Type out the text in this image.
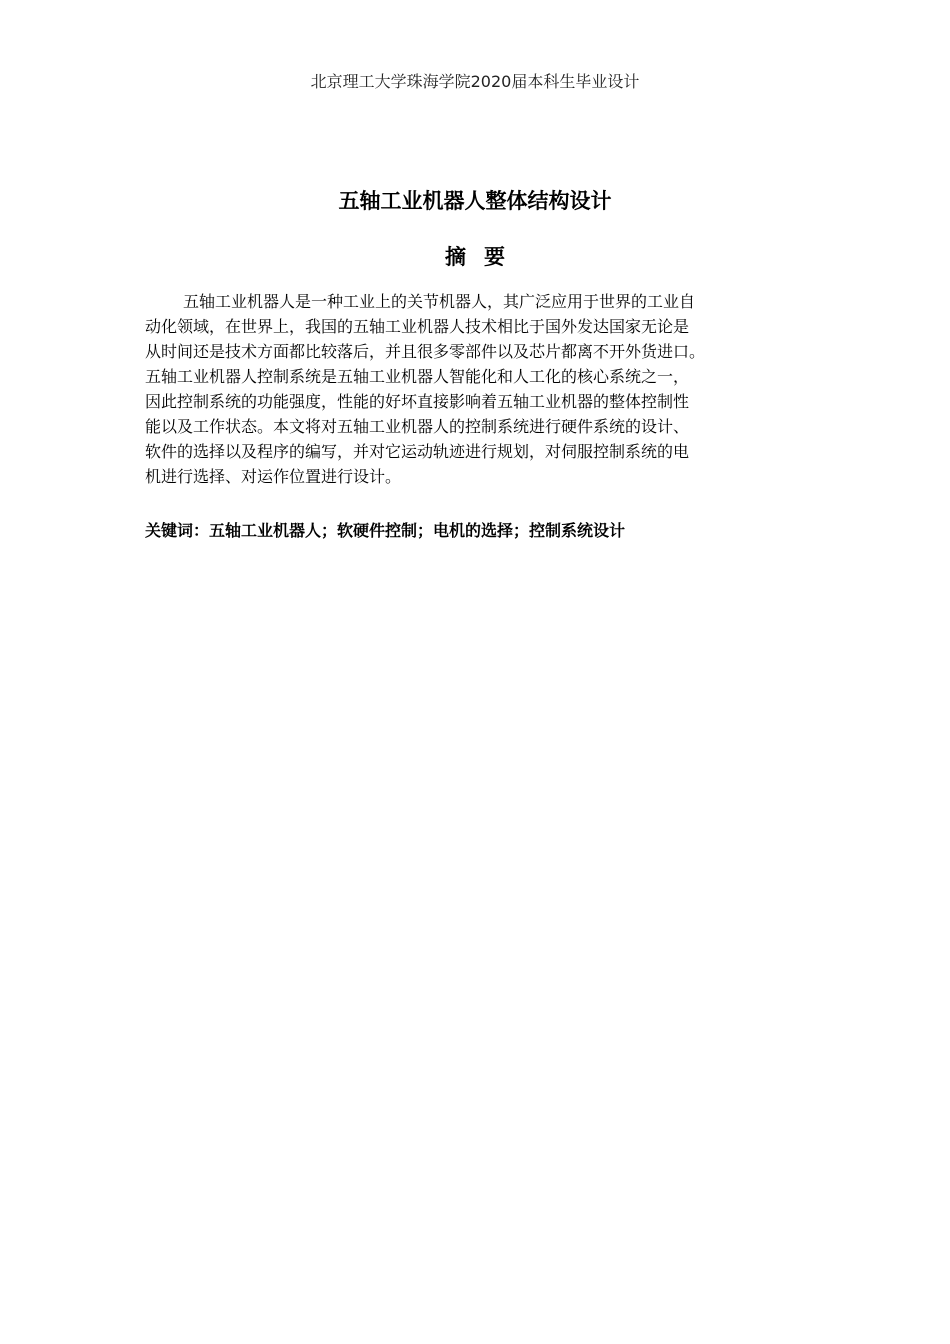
北京理工大学珠海学院2020届本科生毕业设计
五轴工业机器人整体结构设计
摘要
五轴工业机器人是一种工业上的关节机器人，其广泛应用于世界的工业自
动化领域，在世界上，我国的五轴工业机器人技术相比于国外发达国家无论是
从时间还是技术方面都比较落后，并且很多零部件以及芯片都离不开外货进口。
五轴工业机器人控制系统是五轴工业机器人智能化和人工化的核心系统之一，
因此控制系统的功能强度，性能的好坏直接影响着五轴工业机器的整体控制性
能以及工作状态。本文将对五轴工业机器人的控制系统进行硬件系统的设计、
软件的选择以及程序的编写，并对它运动轨迹进行规划，对伺服控制系统的电
机进行选择、对运作位置进行设计。
关键词：五轴工业机器人；软硬件控制；电机的选择；控制系统设计
